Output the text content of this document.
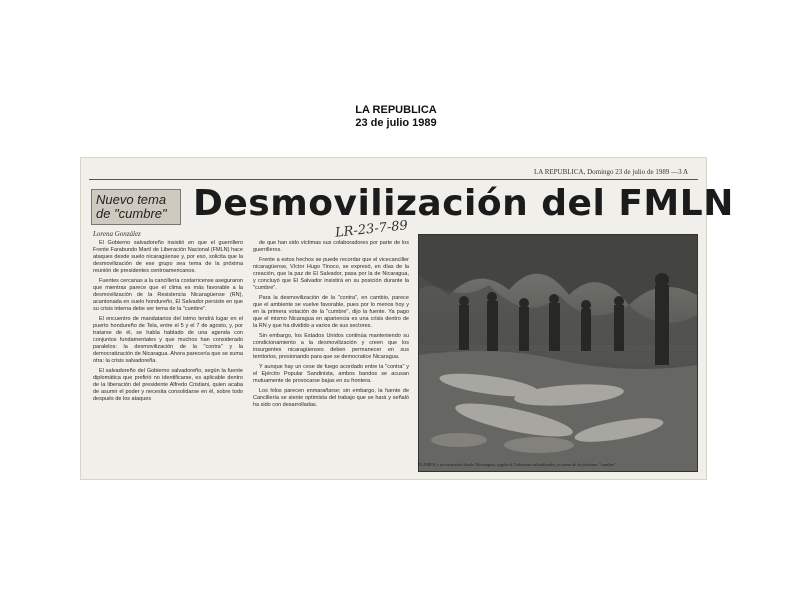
LA REPUBLICA
23 de julio 1989
LA REPUBLICA, Domingo 23 de julio de 1989 —3 A
Nuevo tema de "cumbre" Desmovilización del FMLN
LR-23-7-89
Lorena González

El Gobierno salvadoreño insistió en que el guerrillero Frente Farabundo Martí de Liberación Nacional (FMLN) hace ataques desde suelo nicaragüense y, por eso, solicita que la desmovilización de ese grupo sea tema de la próxima reunión de presidentes centroamericanos.

Fuentes cercanas a la cancillería costarricense aseguraron que mientras parece que el clima es más favorable a la desmovilización de la Resistencia Nicaragüense (RN), acantonada en suelo hondureño, El Salvador persiste en que su crisis interna debe ser tema de la "cumbre".

El encuentro de mandatarios del istmo tendrá lugar en el puerto hondureño de Tela, entre el 5 y el 7 de agosto, y, por tratarse de él, se habla hablado de una agenda con conjuntos fundamentales y que muchos han considerado paralelos: la desmovilización de la "contra" y la democratización de Nicaragua. Ahora parecería que se suma otra: la crisis salvadoreña.

El salvadoreño del Gobierno salvadoreño, según la fuente diplomática que prefirió no identificarse, es aplicable dentro de la liberación del presidente Alfredo Cristiani, quien acaba de asumir el poder y necesita consolidarse en él, sobre todo después de los ataques

de que han sido víctimas sus colaboradores por parte de los guerrilleros.

Frente a estos hechos se puede recordar que el vicecanciller nicaragüense, Víctor Hugo Tinoco, se expresó, en días de la creación, que la paz de El Salvador, pasa por la de Nicaragua, y concluyó que El Salvador insistirá en su posición durante la "cumbre".

Para la desmovilización de la "contra", en cambio, parece que el ambiente se vuelve favorable, pues por lo menos hoy y en la primera votación de la "cumbre", dijo la fuente. Ya pago que el mismo Nicaragua en apariencia es una crisis dentro de la RN y que ha dividido a varios de sus sectores.

Sin embargo, los Estados Unidos continúa manteniendo su condicionamiento a la desmovilización y creen que los insurgentes nicaragüenses deben permanecer en sus territorios, presionando para que se democratice Nicaragua.

Y aunque hay un cese de fuego acordado entre la "contra" y el Ejército Popular Sandinista, ambos bandos se acusan mutuamente de provocarse bajas en su frontera.

Los hilos parecen enmarañarse; sin embargo, la fuente de Cancillería se siente optimista del trabajo que se hará y señaló ha sido con desarrolladas.

El FMLN y su incursión desde Nicaragua, según el Gobierno salvadoreño, es tema de la próxima "cumbre".
